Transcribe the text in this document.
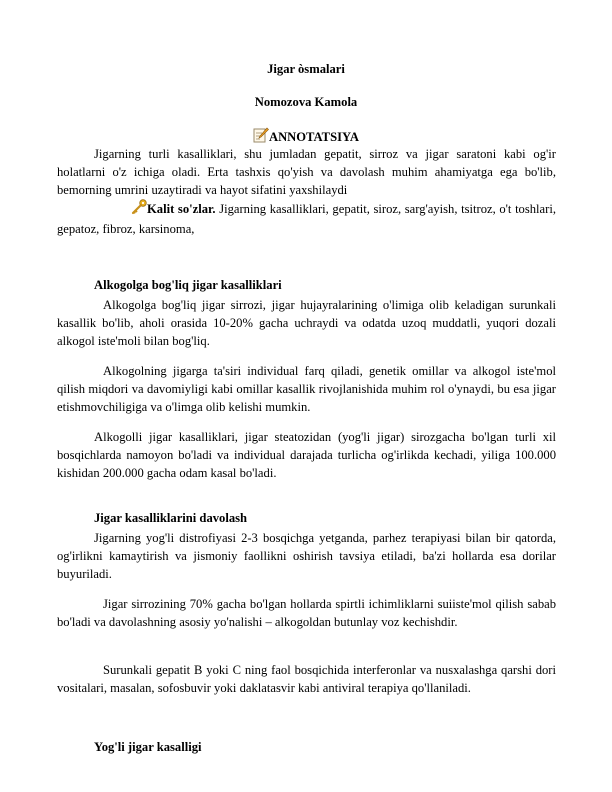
Jigar òsmalari
Nomozova Kamola
ANNOTATSIYA
Jigarning turli kasalliklari, shu jumladan gepatit, sirroz va jigar saratoni kabi og'ir holatlarni o'z ichiga oladi. Erta tashxis qo'yish va davolash muhim ahamiyatga ega bo'lib, bemorning umrini uzaytiradi va hayot sifatini yaxshilaydi
Kalit so'zlar. Jigarning kasalliklari, gepatit, siroz, sarg'ayish, tsitroz, o't toshlari, gepatoz, fibroz, karsinoma,
Alkogolga bog'liq jigar kasalliklari
Alkogolga bog'liq jigar sirrozi, jigar hujayralarining o'limiga olib keladigan surunkali kasallik bo'lib, aholi orasida 10-20% gacha uchraydi va odatda uzoq muddatli, yuqori dozali alkogol iste'moli bilan bog'liq.
Alkogolning jigarga ta'siri individual farq qiladi, genetik omillar va alkogol iste'mol qilish miqdori va davomiyligi kabi omillar kasallik rivojlanishida muhim rol o'ynaydi, bu esa jigar etishmovchiligiga va o'limga olib kelishi mumkin.
Alkogolli jigar kasalliklari, jigar steatozidan (yog'li jigar) sirozgacha bo'lgan turli xil bosqichlarda namoyon bo'ladi va individual darajada turlicha og'irlikda kechadi, yiliga 100.000 kishidan 200.000 gacha odam kasal bo'ladi.
Jigar kasalliklarini davolash
Jigarning yog'li distrofiyasi 2-3 bosqichga yetganda, parhez terapiyasi bilan bir qatorda, og'irlikni kamaytirish va jismoniy faollikni oshirish tavsiya etiladi, ba'zi hollarda esa dorilar buyuriladi.
Jigar sirrozining 70% gacha bo'lgan hollarda spirtli ichimliklarni suiiste'mol qilish sabab bo'ladi va davolashning asosiy yo'nalishi – alkogoldan butunlay voz kechishdir.
Surunkali gepatit B yoki C ning faol bosqichida interferonlar va nusxalashga qarshi dori vositalari, masalan, sofosbuvir yoki daklatasvir kabi antiviral terapiya qo'llaniladi.
Yog'li jigar kasalligi
